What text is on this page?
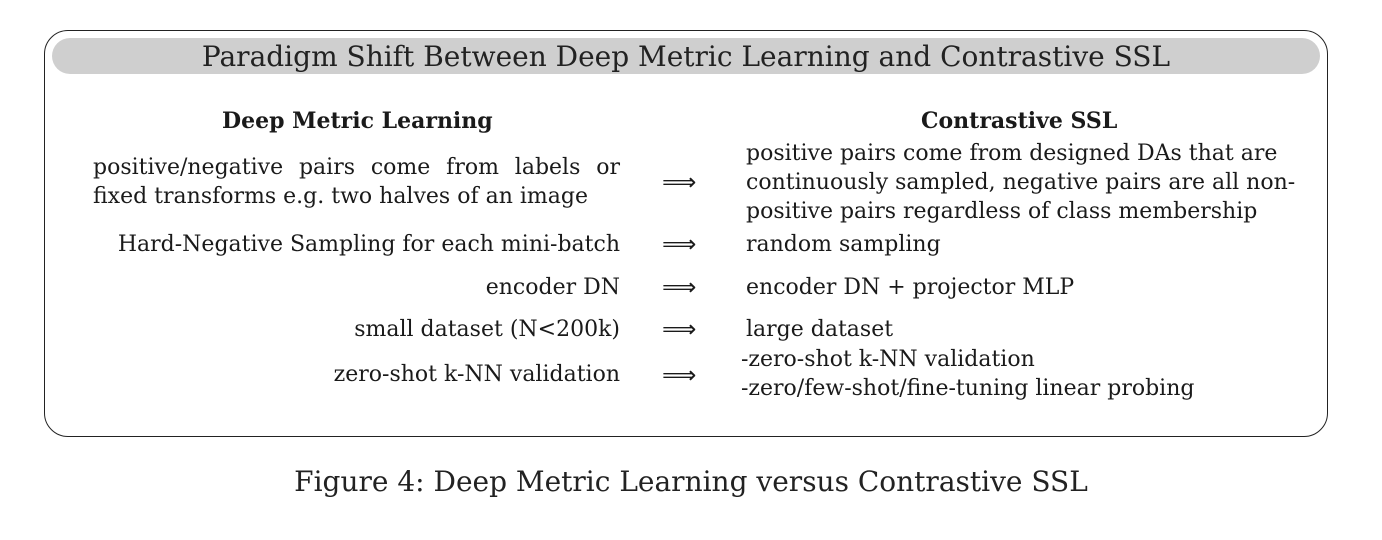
Paradigm Shift Between Deep Metric Learning and Contrastive SSL
Deep Metric Learning	Contrastive SSL
positive/negative pairs come from labels or
fixed transforms e.g. two halves of an image
⟹
positive pairs come from designed DAs that are
continuously sampled, negative pairs are all non-
positive pairs regardless of class membership
Hard-Negative Sampling for each mini-batch ⟹ random sampling
encoder DN ⟹ encoder DN + projector MLP
small dataset (N<200k) ⟹ large dataset
zero-shot k-NN validation ⟹
-zero-shot k-NN validation
-zero/few-shot/fine-tuning linear probing
Figure 4: Deep Metric Learning versus Contrastive SSL
